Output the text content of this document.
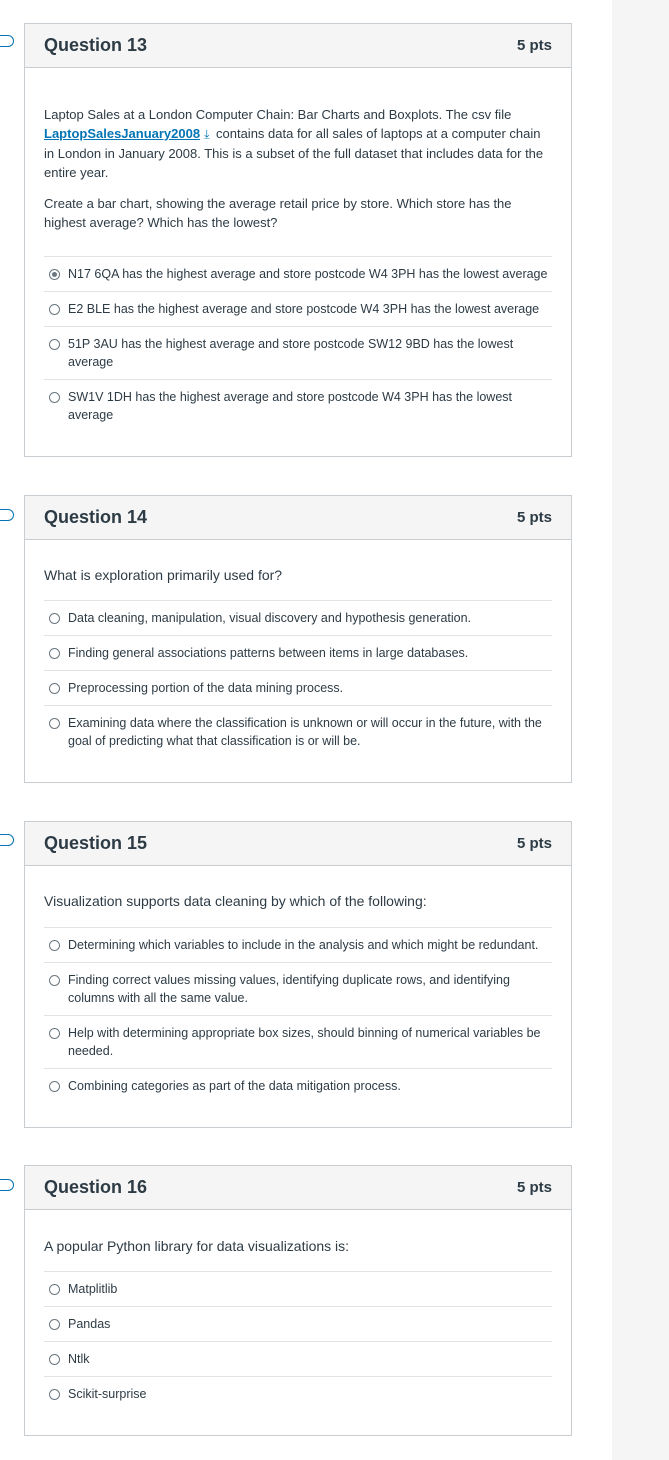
Question 13	5 pts

Laptop Sales at a London Computer Chain: Bar Charts and Boxplots. The csv file LaptopSalesJanuary2008 ⤓ contains data for all sales of laptops at a computer chain in London in January 2008. This is a subset of the full dataset that includes data for the entire year.

Create a bar chart, showing the average retail price by store. Which store has the highest average? Which has the lowest?

N17 6QA has the highest average and store postcode W4 3PH has the lowest average
E2 BLE has the highest average and store postcode W4 3PH has the lowest average
51P 3AU has the highest average and store postcode SW12 9BD has the lowest average
SW1V 1DH has the highest average and store postcode W4 3PH has the lowest average
Question 14	5 pts

What is exploration primarily used for?

Data cleaning, manipulation, visual discovery and hypothesis generation.
Finding general associations patterns between items in large databases.
Preprocessing portion of the data mining process.
Examining data where the classification is unknown or will occur in the future, with the goal of predicting what that classification is or will be.
Question 15	5 pts

Visualization supports data cleaning by which of the following:

Determining which variables to include in the analysis and which might be redundant.
Finding correct values missing values, identifying duplicate rows, and identifying columns with all the same value.
Help with determining appropriate box sizes, should binning of numerical variables be needed.
Combining categories as part of the data mitigation process.
Question 16	5 pts

A popular Python library for data visualizations is:

Matplitlib
Pandas
Ntlk
Scikit-surprise
